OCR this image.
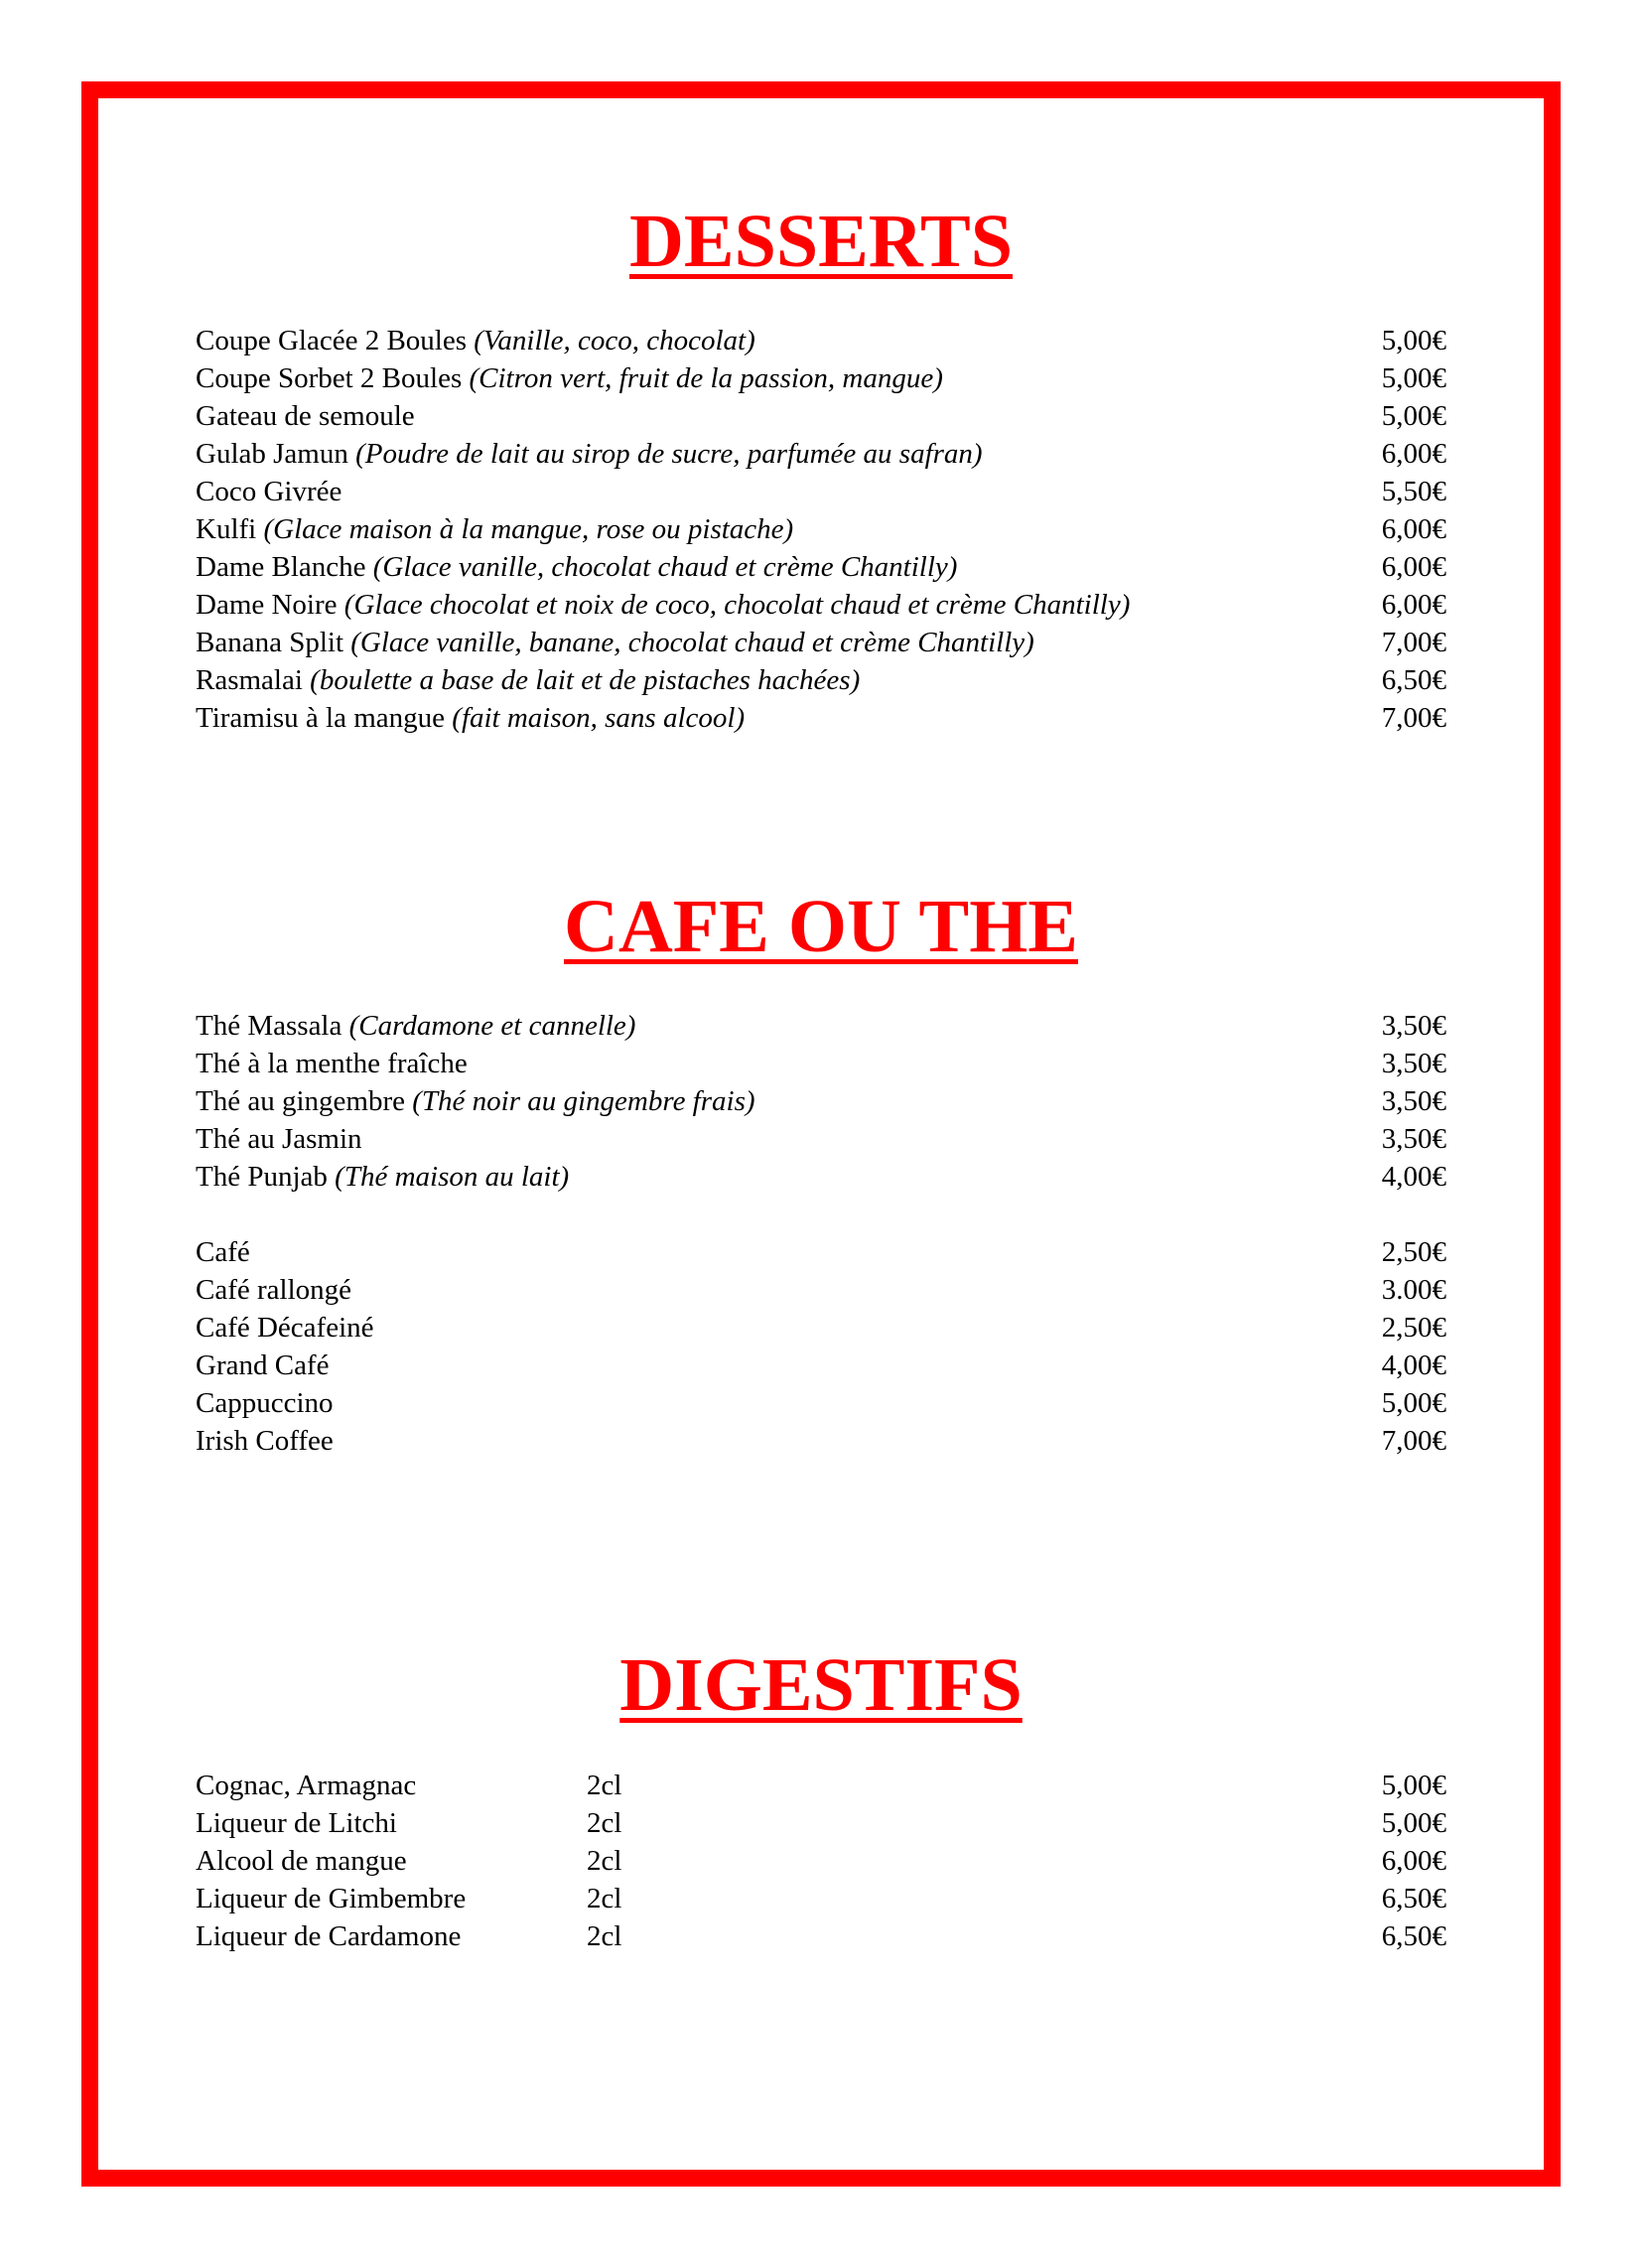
DESSERTS
Coupe Glacée 2 Boules (Vanille, coco, chocolat)	5,00€
Coupe Sorbet 2 Boules (Citron vert, fruit de la passion, mangue)	5,00€
Gateau de semoule	5,00€
Gulab Jamun (Poudre de lait au sirop de sucre, parfumée au safran)	6,00€
Coco Givrée	5,50€
Kulfi (Glace maison à la mangue, rose ou pistache)	6,00€
Dame Blanche (Glace vanille, chocolat chaud et crème Chantilly)	6,00€
Dame Noire (Glace chocolat et noix de coco, chocolat chaud et crème Chantilly)	6,00€
Banana Split (Glace vanille, banane, chocolat chaud et crème Chantilly)	7,00€
Rasmalai (boulette a base de lait et de pistaches hachées)	6,50€
Tiramisu à la mangue (fait maison, sans alcool)	7,00€
CAFE OU THE
Thé Massala (Cardamone et cannelle)	3,50€
Thé à la menthe fraîche	3,50€
Thé au gingembre (Thé noir au gingembre frais)	3,50€
Thé au Jasmin	3,50€
Thé Punjab (Thé maison au lait)	4,00€
Café	2,50€
Café rallongé	3.00€
Café Décafeiné	2,50€
Grand Café	4,00€
Cappuccino	5,00€
Irish Coffee	7,00€
DIGESTIFS
Cognac, Armagnac	2cl	5,00€
Liqueur de Litchi	2cl	5,00€
Alcool de mangue	2cl	6,00€
Liqueur de Gimbembre	2cl	6,50€
Liqueur de Cardamone	2cl	6,50€
